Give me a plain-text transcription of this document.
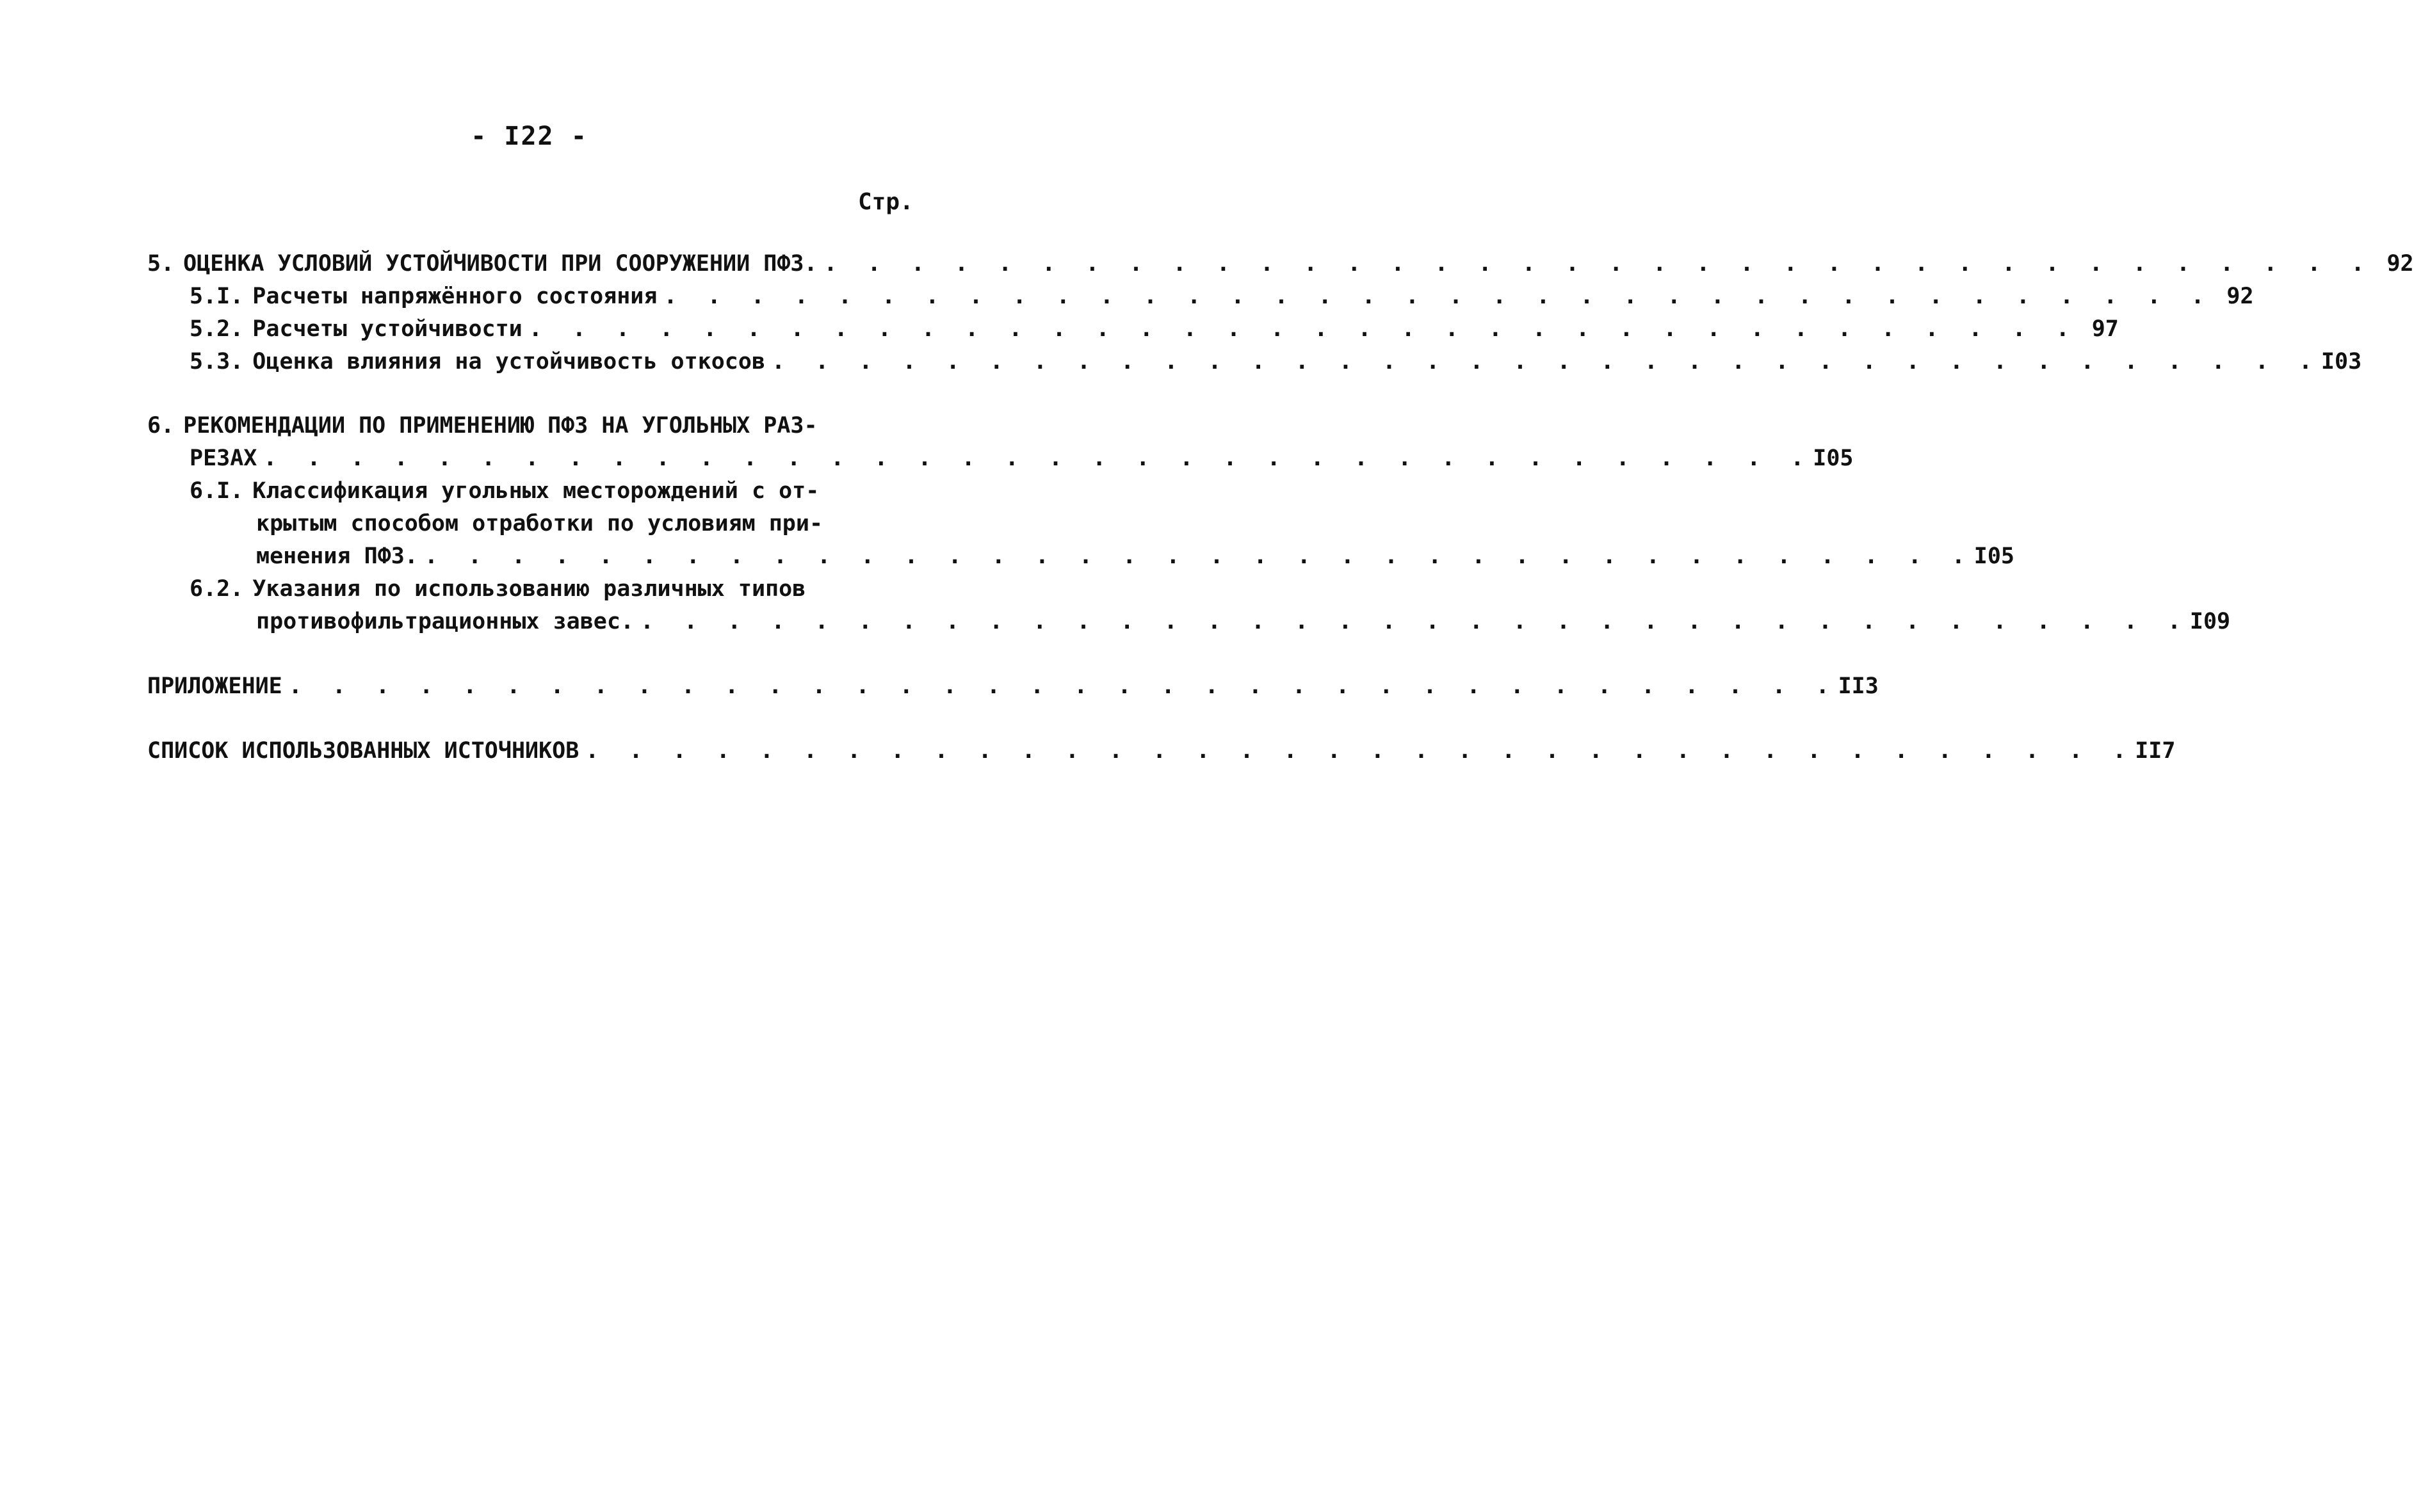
- I22 -
Стр.
5. ОЦЕНКА УСЛОВИЙ УСТОЙЧИВОСТИ ПРИ СООРУЖЕНИИ ПФЗ. . . . . . . . . . . . . . . . . . . . . . . . . . . . . . . . . . . . . 92
5.I. Расчеты напряжённого состояния . . . . . . . . . . . . . . . . . . . . . . . . . . . . . . . . . . . . 92
5.2. Расчеты устойчивости . . . . . . . . . . . . . . . . . . . . . . . . . . . . . . . . . . . . 97
5.3. Оценка влияния на устойчивость откосов . . . . . . . . . . . . . . . . . . . . . . . . . . . . . . . . . . . . I03
6. РЕКОМЕНДАЦИИ ПО ПРИМЕНЕНИЮ ПФЗ НА УГОЛЬНЫХ РАЗ-
РЕЗАХ . . . . . . . . . . . . . . . . . . . . . . . . . . . . . . . . . . . . I05
6.I. Классификация угольных месторождений с от-
крытым способом отработки по условиям при-
менения ПФЗ. . . . . . . . . . . . . . . . . . . . . . . . . . . . . . . . . . . . . I05
6.2. Указания по использованию различных типов
противофильтрационных завес. . . . . . . . . . . . . . . . . . . . . . . . . . . . . . . . . . . . . I09
ПРИЛОЖЕНИЕ . . . . . . . . . . . . . . . . . . . . . . . . . . . . . . . . . . . . II3
СПИСОК ИСПОЛЬЗОВАННЫХ ИСТОЧНИКОВ . . . . . . . . . . . . . . . . . . . . . . . . . . . . . . . . . . . . II7
